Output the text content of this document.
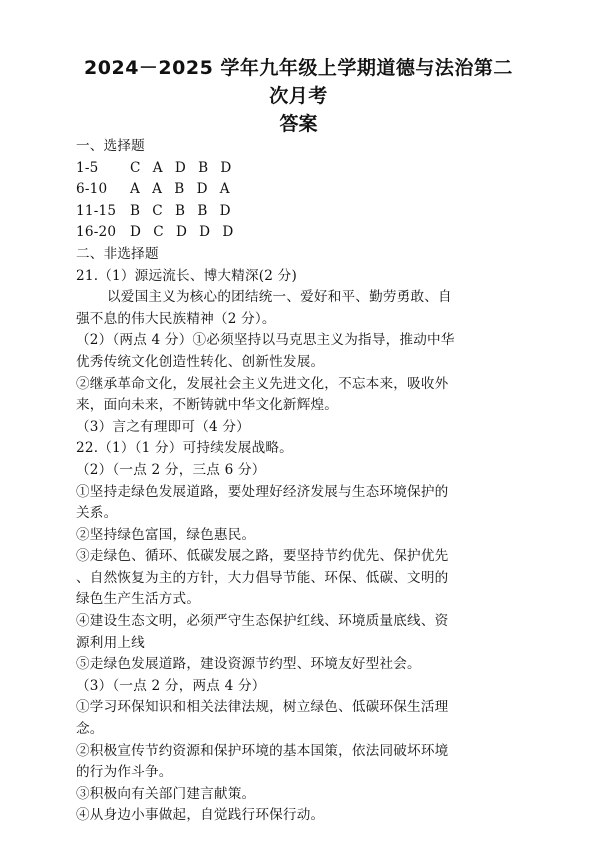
2024－2025 学年九年级上学期道德与法治第二
次月考
答案
一、选择题
1-5	C A D B D
6-10	A A B D A
11-15	B C B B D
16-20	D C D D D
二、非选择题
21.（1）源远流长、博大精深(2 分)
以爱国主义为核心的团结统一、爱好和平、勤劳勇敢、自
强不息的伟大民族精神（2 分）。
（2）（两点 4 分）①必须坚持以马克思主义为指导，推动中华
优秀传统文化创造性转化、创新性发展。
②继承革命文化，发展社会主义先进文化，不忘本来，吸收外
来，面向未来，不断铸就中华文化新辉煌。
（3）言之有理即可（4 分）
22.（1）（1 分）可持续发展战略。
（2）（一点 2 分，三点 6 分）
①坚持走绿色发展道路，要处理好经济发展与生态环境保护的
关系。
②坚持绿色富国，绿色惠民。
③走绿色、循环、低碳发展之路，要坚持节约优先、保护优先
、自然恢复为主的方针，大力倡导节能、环保、低碳、文明的
绿色生产生活方式。
④建设生态文明，必须严守生态保护红线、环境质量底线、资
源利用上线
⑤走绿色发展道路，建设资源节约型、环境友好型社会。
（3）（一点 2 分，两点 4 分）
①学习环保知识和相关法律法规，树立绿色、低碳环保生活理
念。
②积极宣传节约资源和保护环境的基本国策，依法同破坏环境
的行为作斗争。
③积极向有关部门建言献策。
④从身边小事做起，自觉践行环保行动。
